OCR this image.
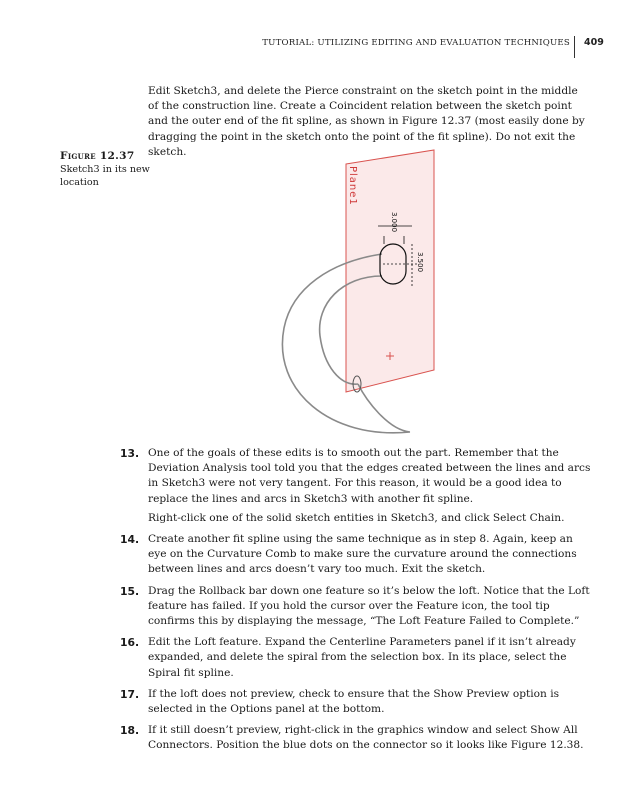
TUTORIAL: UTILIZING EDITING AND EVALUATION TECHNIQUES 409

Edit Sketch3, and delete the Pierce constraint on the sketch point in the middle of the construction line. Create a Coincident relation between the sketch point and the outer end of the fit spline, as shown in Figure 12.37 (most easily done by dragging the point in the sketch onto the point of the fit spline). Do not exit the sketch.

Figure 12.37
Sketch3 in its new location	Plane1
3.000
3.500
13. One of the goals of these edits is to smooth out the part. Remember that the Deviation Analysis tool told you that the edges created between the lines and arcs in Sketch3 were not very tangent. For this reason, it would be a good idea to replace the lines and arcs in Sketch3 with another fit spline.

Right-click one of the solid sketch entities in Sketch3, and click Select Chain.

14. Create another fit spline using the same technique as in step 8. Again, keep an eye on the Curvature Comb to make sure the curvature around the connections between lines and arcs doesn’t vary too much. Exit the sketch.

15. Drag the Rollback bar down one feature so it’s below the loft. Notice that the Loft feature has failed. If you hold the cursor over the Feature icon, the tool tip confirms this by displaying the message, “The Loft Feature Failed to Complete.”

16. Edit the Loft feature. Expand the Centerline Parameters panel if it isn’t already expanded, and delete the spiral from the selection box. In its place, select the Spiral fit spline.

17. If the loft does not preview, check to ensure that the Show Preview option is selected in the Options panel at the bottom.

18. If it still doesn’t preview, right-click in the graphics window and select Show All Connectors. Position the blue dots on the connector so it looks like Figure 12.38.
